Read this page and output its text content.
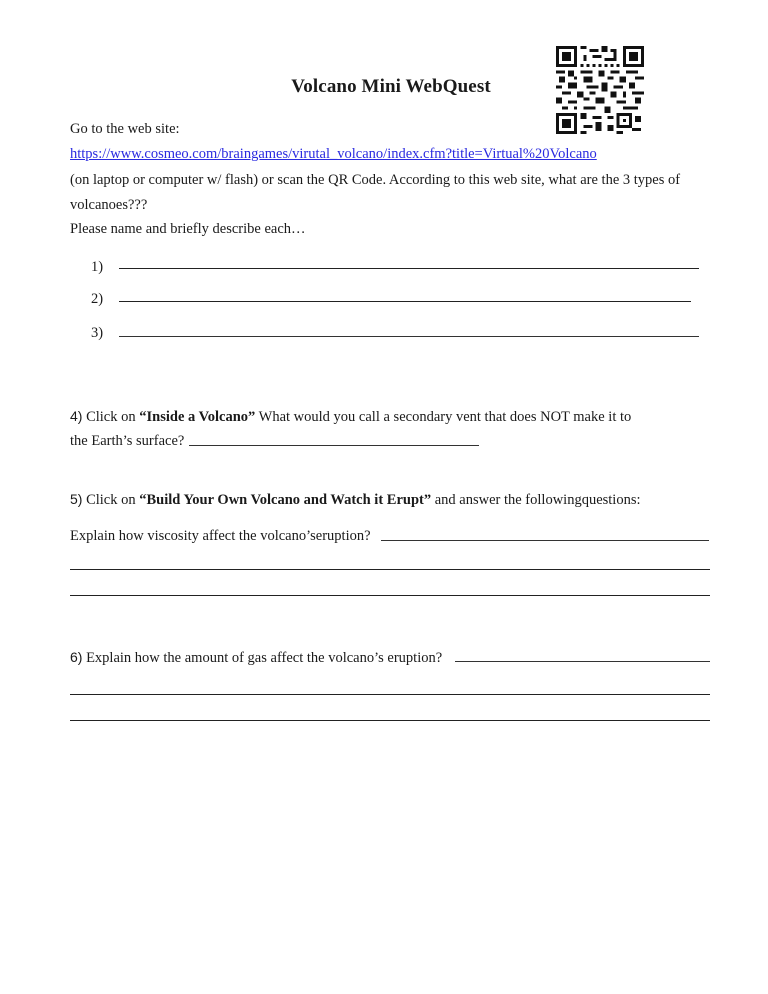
Volcano Mini WebQuest
Go to the web site:
https://www.cosmeo.com/braingames/virutal_volcano/index.cfm?title=Virtual%20Volcano
(on laptop or computer w/ flash) or scan the QR Code. According to this web site, what are the 3 types of
volcanoes???
Please name and briefly describe each…
1)
2)
3)
4) Click on “Inside a Volcano” What would you call a secondary vent that does NOT make it to
the Earth’s surface?
5) Click on “Build Your Own Volcano and Watch it Erupt” and answer the followingquestions:
Explain how viscosity affect the volcano’seruption?
6) Explain how the amount of gas affect the volcano’s eruption?
